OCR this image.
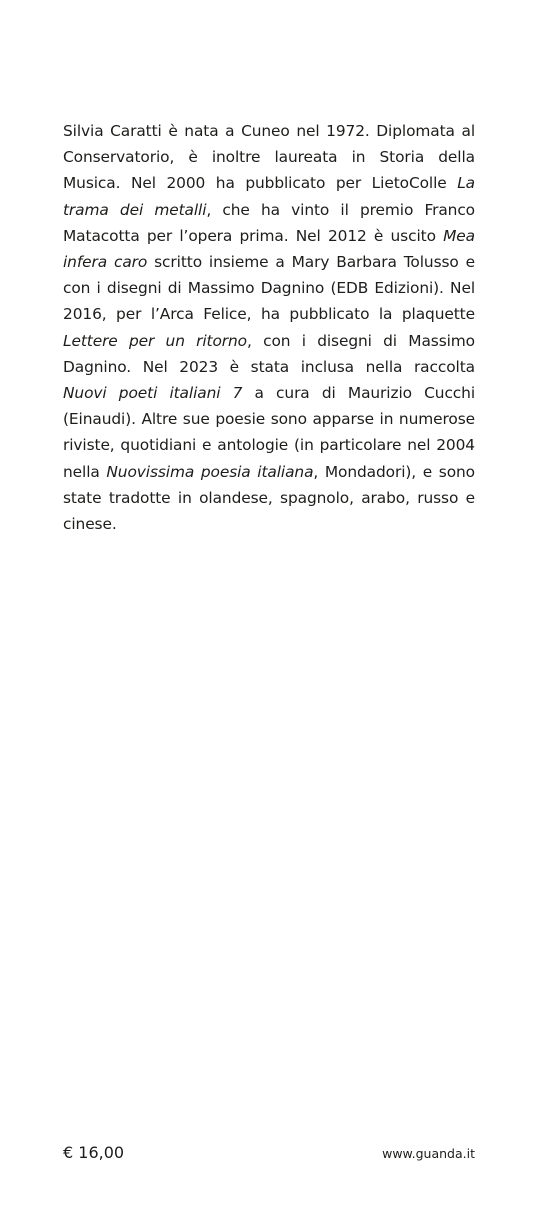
Silvia Caratti è nata a Cuneo nel 1972. Diplomata al Conservatorio, è inoltre laureata in Storia della Musica. Nel 2000 ha pubblicato per LietoColle La trama dei metalli, che ha vinto il premio Franco Matacotta per l’opera prima. Nel 2012 è uscito Mea infera caro scritto insieme a Mary Barbara Tolusso e con i disegni di Massimo Dagnino (EDB Edizioni). Nel 2016, per l’Arca Felice, ha pubblicato la plaquette Lettere per un ritorno, con i disegni di Massimo Dagnino. Nel 2023 è stata inclusa nella raccolta Nuovi poeti italiani 7 a cura di Maurizio Cucchi (Einaudi). Altre sue poesie sono apparse in numerose riviste, quotidiani e antologie (in particolare nel 2004 nella Nuovissima poesia italiana, Mondadori), e sono state tradotte in olandese, spagnolo, arabo, russo e cinese.

€ 16,00	www.guanda.it
